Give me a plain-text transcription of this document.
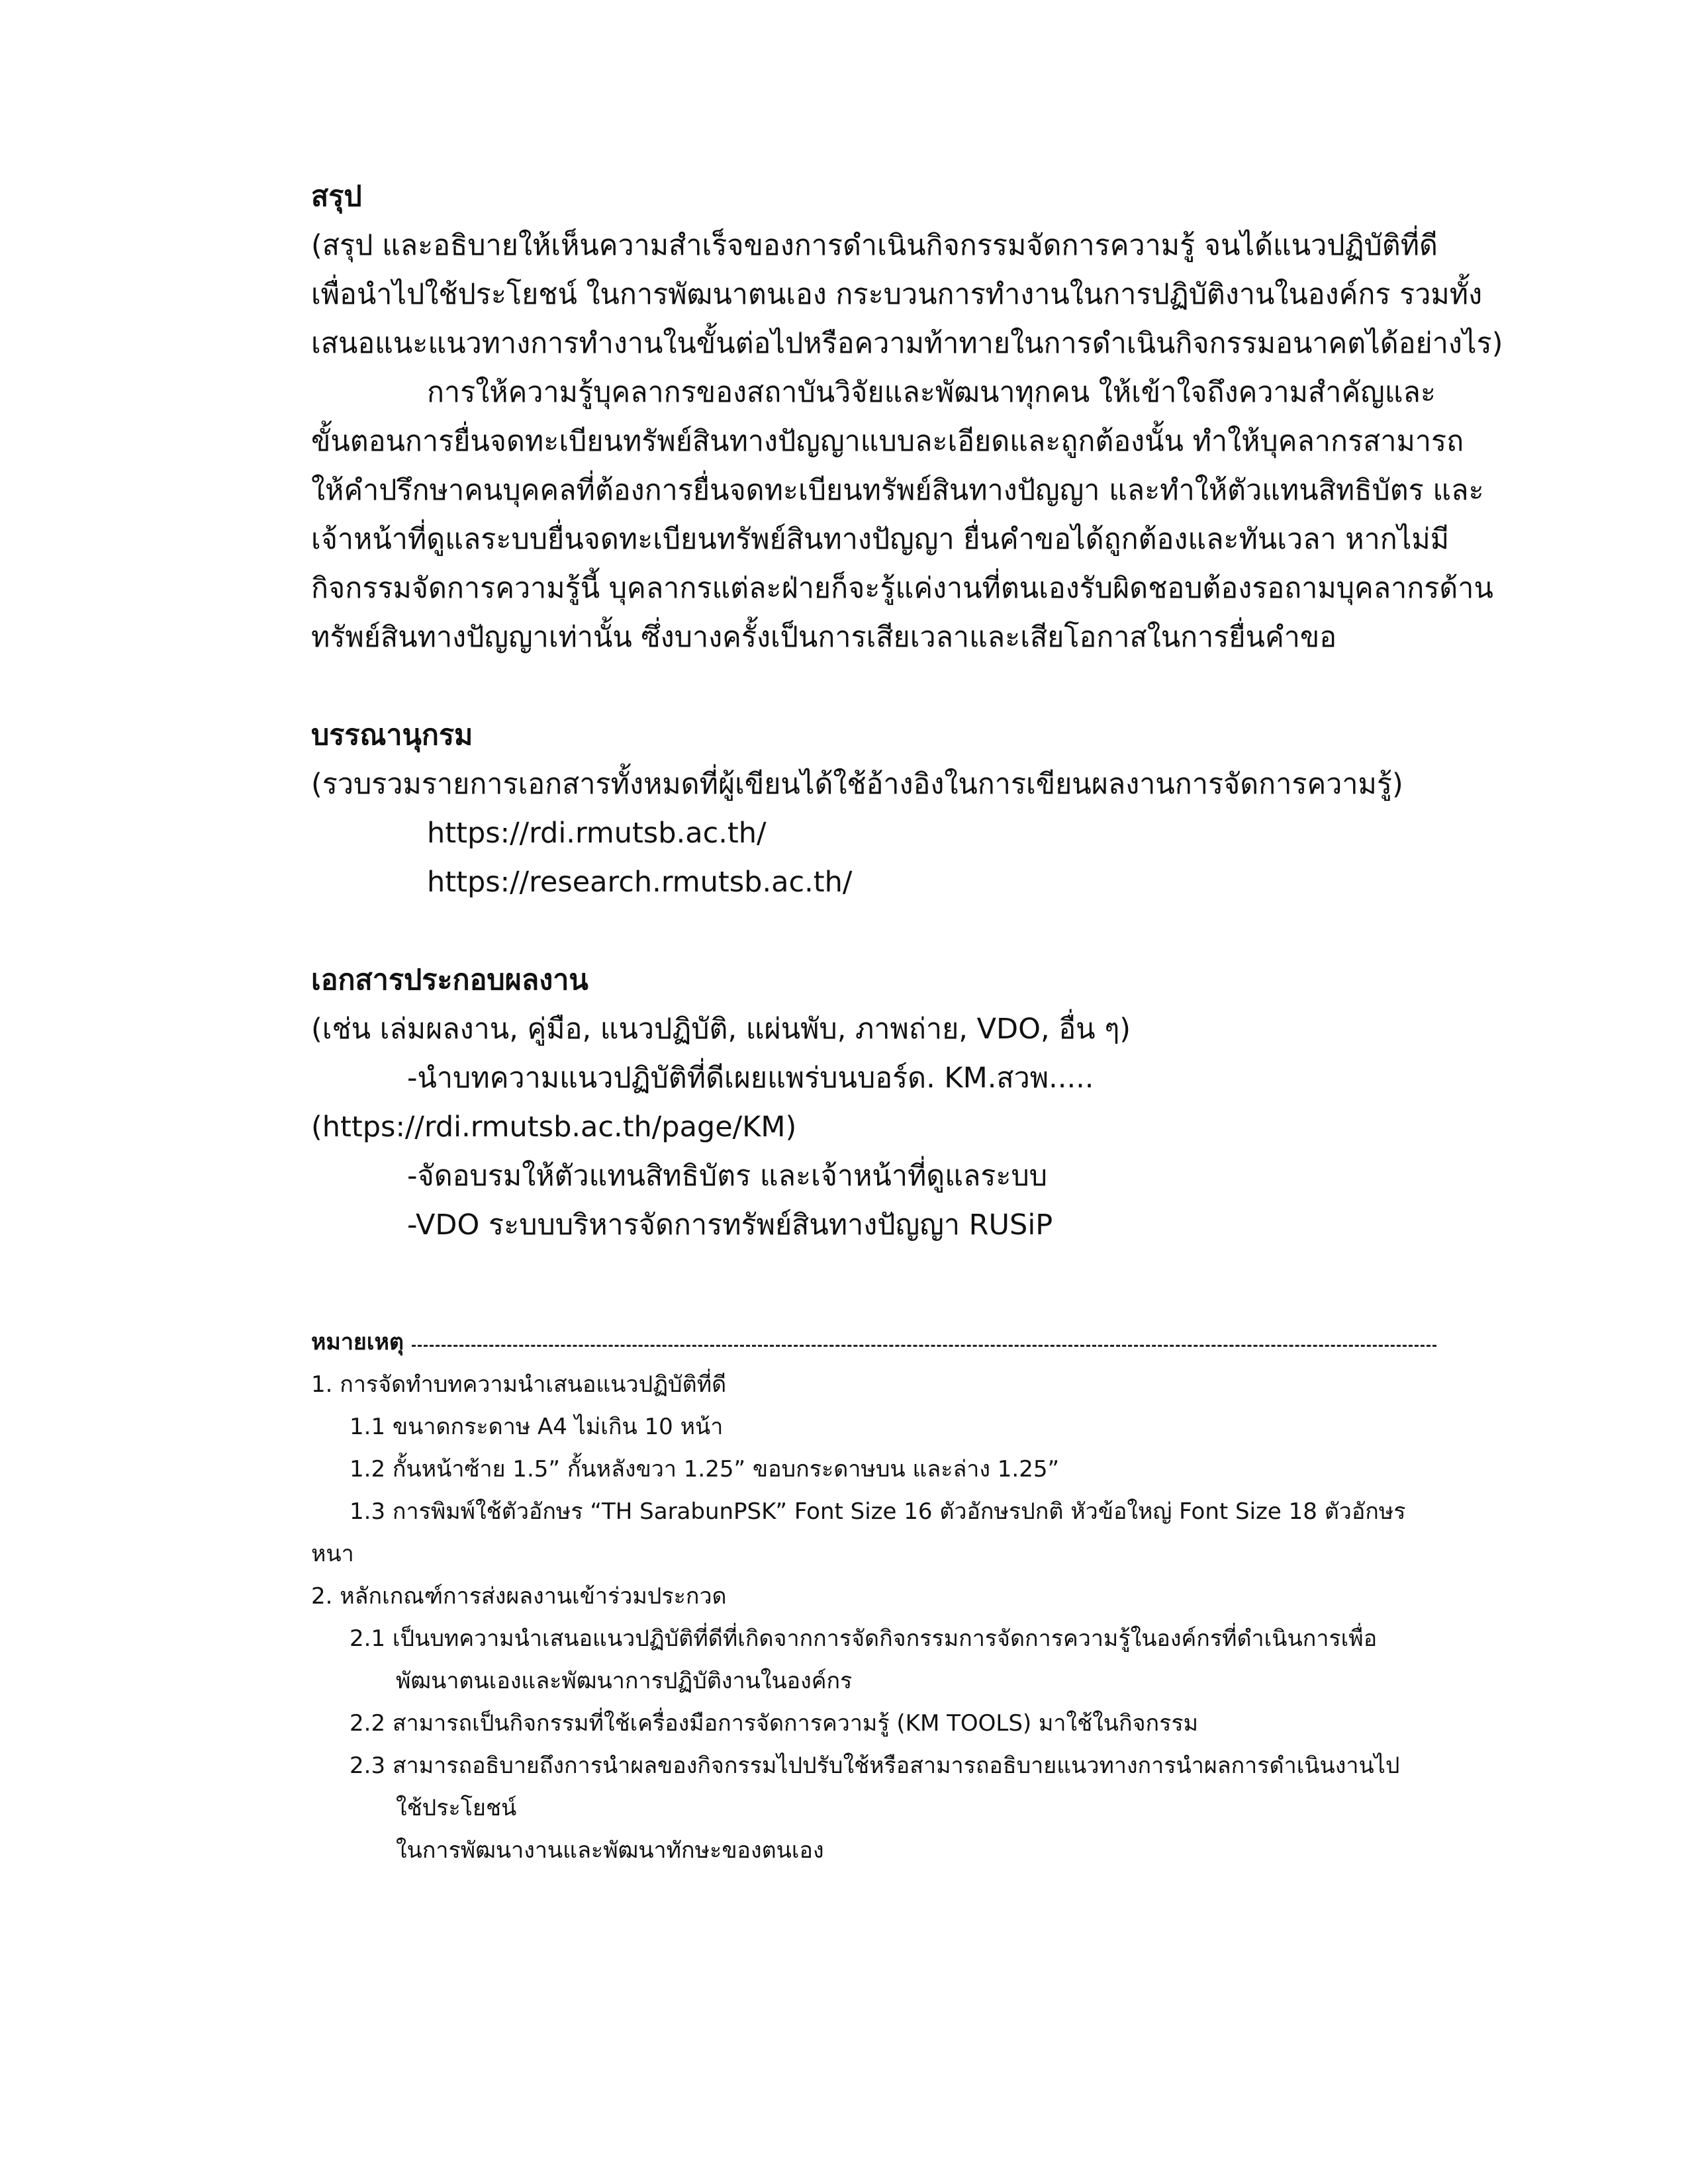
สรุป
(สรุป และอธิบายให้เห็นความสำเร็จของการดำเนินกิจกรรมจัดการความรู้ จนได้แนวปฏิบัติที่ดี
เพื่อนำไปใช้ประโยชน์ ในการพัฒนาตนเอง กระบวนการทำงานในการปฏิบัติงานในองค์กร รวมทั้ง
เสนอแนะแนวทางการทำงานในขั้นต่อไปหรือความท้าทายในการดำเนินกิจกรรมอนาคตได้อย่างไร)
การให้ความรู้บุคลากรของสถาบันวิจัยและพัฒนาทุกคน ให้เข้าใจถึงความสำคัญและ
ขั้นตอนการยื่นจดทะเบียนทรัพย์สินทางปัญญาแบบละเอียดและถูกต้องนั้น ทำให้บุคลากรสามารถ
ให้คำปรึกษาคนบุคคลที่ต้องการยื่นจดทะเบียนทรัพย์สินทางปัญญา และทำให้ตัวแทนสิทธิบัตร และ
เจ้าหน้าที่ดูแลระบบยื่นจดทะเบียนทรัพย์สินทางปัญญา ยื่นคำขอได้ถูกต้องและทันเวลา หากไม่มี
กิจกรรมจัดการความรู้นี้ บุคลากรแต่ละฝ่ายก็จะรู้แค่งานที่ตนเองรับผิดชอบต้องรอถามบุคลากรด้าน
ทรัพย์สินทางปัญญาเท่านั้น ซึ่งบางครั้งเป็นการเสียเวลาและเสียโอกาสในการยื่นคำขอ
บรรณานุกรม
(รวบรวมรายการเอกสารทั้งหมดที่ผู้เขียนได้ใช้อ้างอิงในการเขียนผลงานการจัดการความรู้)
https://rdi.rmutsb.ac.th/
https://research.rmutsb.ac.th/
เอกสารประกอบผลงาน
(เช่น เล่มผลงาน, คู่มือ, แนวปฏิบัติ, แผ่นพับ, ภาพถ่าย, VDO, อื่น ๆ)
-นำบทความแนวปฏิบัติที่ดีเผยแพร่บนบอร์ด. KM.สวพ.....
(https://rdi.rmutsb.ac.th/page/KM)
-จัดอบรมให้ตัวแทนสิทธิบัตร และเจ้าหน้าที่ดูแลระบบ
-VDO ระบบบริหารจัดการทรัพย์สินทางปัญญา RUSiP
หมายเหตุ
1. การจัดทำบทความนำเสนอแนวปฏิบัติที่ดี
1.1 ขนาดกระดาษ A4 ไม่เกิน 10 หน้า
1.2 กั้นหน้าซ้าย 1.5” กั้นหลังขวา 1.25” ขอบกระดาษบน และล่าง 1.25”
1.3 การพิมพ์ใช้ตัวอักษร “TH SarabunPSK” Font Size 16 ตัวอักษรปกติ หัวข้อใหญ่ Font Size 18 ตัวอักษร
หนา
2. หลักเกณฑ์การส่งผลงานเข้าร่วมประกวด
2.1 เป็นบทความนำเสนอแนวปฏิบัติที่ดีที่เกิดจากการจัดกิจกรรมการจัดการความรู้ในองค์กรที่ดำเนินการเพื่อ
พัฒนาตนเองและพัฒนาการปฏิบัติงานในองค์กร
2.2 สามารถเป็นกิจกรรมที่ใช้เครื่องมือการจัดการความรู้ (KM TOOLS) มาใช้ในกิจกรรม
2.3 สามารถอธิบายถึงการนำผลของกิจกรรมไปปรับใช้หรือสามารถอธิบายแนวทางการนำผลการดำเนินงานไป
ใช้ประโยชน์
ในการพัฒนางานและพัฒนาทักษะของตนเอง
